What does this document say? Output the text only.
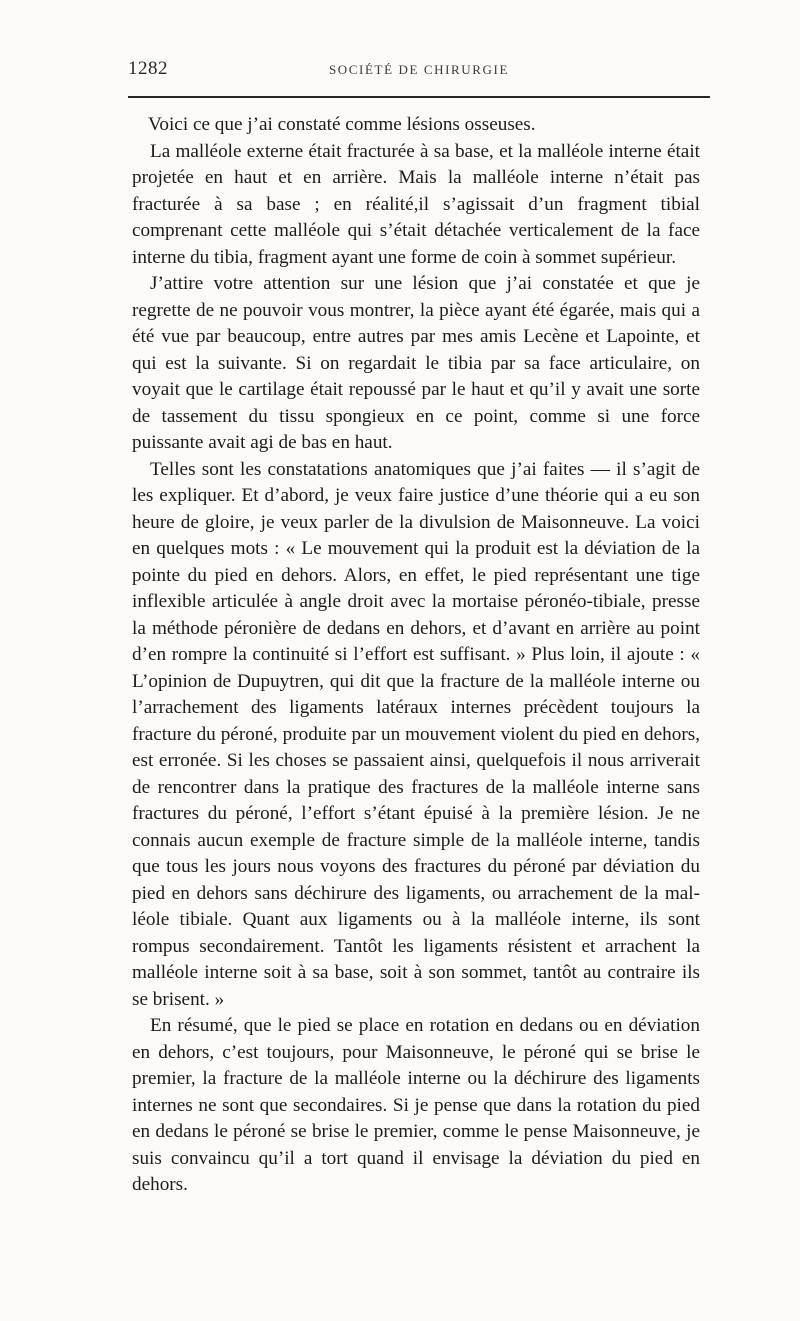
1282	SOCIÉTÉ DE CHIRURGIE

Voici ce que j’ai constaté comme lésions osseuses.

La malléole externe était fracturée à sa base, et la malléole interne était projetée en haut et en arrière. Mais la malléole interne n’était pas fracturée à sa base ; en réalité,il s’agissait d’un fragment tibial comprenant cette malléole qui s’était détachée verticalement de la face interne du tibia, fragment ayant une forme de coin à sommet supérieur.

J’attire votre attention sur une lésion que j’ai constatée et que je regrette de ne pouvoir vous montrer, la pièce ayant été égarée, mais qui a été vue par beaucoup, entre autres par mes amis Lecène et Lapointe, et qui est la suivante. Si on regardait le tibia par sa face articulaire, on voyait que le cartilage était repoussé par le haut et qu’il y avait une sorte de tassement du tissu spongieux en ce point, comme si une force puissante avait agi de bas en haut.

Telles sont les constatations anatomiques que j’ai faites — il s’agit de les expliquer. Et d’abord, je veux faire justice d’une théorie qui a eu son heure de gloire, je veux parler de la divulsion de Maisonneuve. La voici en quelques mots : « Le mouvement qui la produit est la déviation de la pointe du pied en dehors. Alors, en effet, le pied représentant une tige inflexible articulée à angle droit avec la mortaise péronéo-tibiale, presse la méthode péronière de dedans en dehors, et d’avant en arrière au point d’en rompre la continuité si l’effort est suffisant. » Plus loin, il ajoute : « L’opinion de Dupuytren, qui dit que la fracture de la malléole interne ou l’arrachement des ligaments latéraux internes précèdent toujours la fracture du péroné, produite par un mouvement violent du pied en dehors, est erronée. Si les choses se passaient ainsi, quelquefois il nous arriverait de rencontrer dans la pratique des fractures de la malléole interne sans fractures du péroné, l’effort s’étant épuisé à la première lésion. Je ne connais aucun exemple de fracture simple de la malléole interne, tandis que tous les jours nous voyons des fractures du péroné par déviation du pied en dehors sans déchirure des ligaments, ou arrachement de la malléole tibiale. Quant aux ligaments ou à la malléole interne, ils sont rompus secondairement. Tantôt les ligaments résistent et arrachent la malléole interne soit à sa base, soit à son sommet, tantôt au contraire ils se brisent. »

En résumé, que le pied se place en rotation en dedans ou en déviation en dehors, c’est toujours, pour Maisonneuve, le péroné qui se brise le premier, la fracture de la malléole interne ou la déchirure des ligaments internes ne sont que secondaires. Si je pense que dans la rotation du pied en dedans le péroné se brise le premier, comme le pense Maisonneuve, je suis convaincu qu’il a tort quand il envisage la déviation du pied en dehors.
